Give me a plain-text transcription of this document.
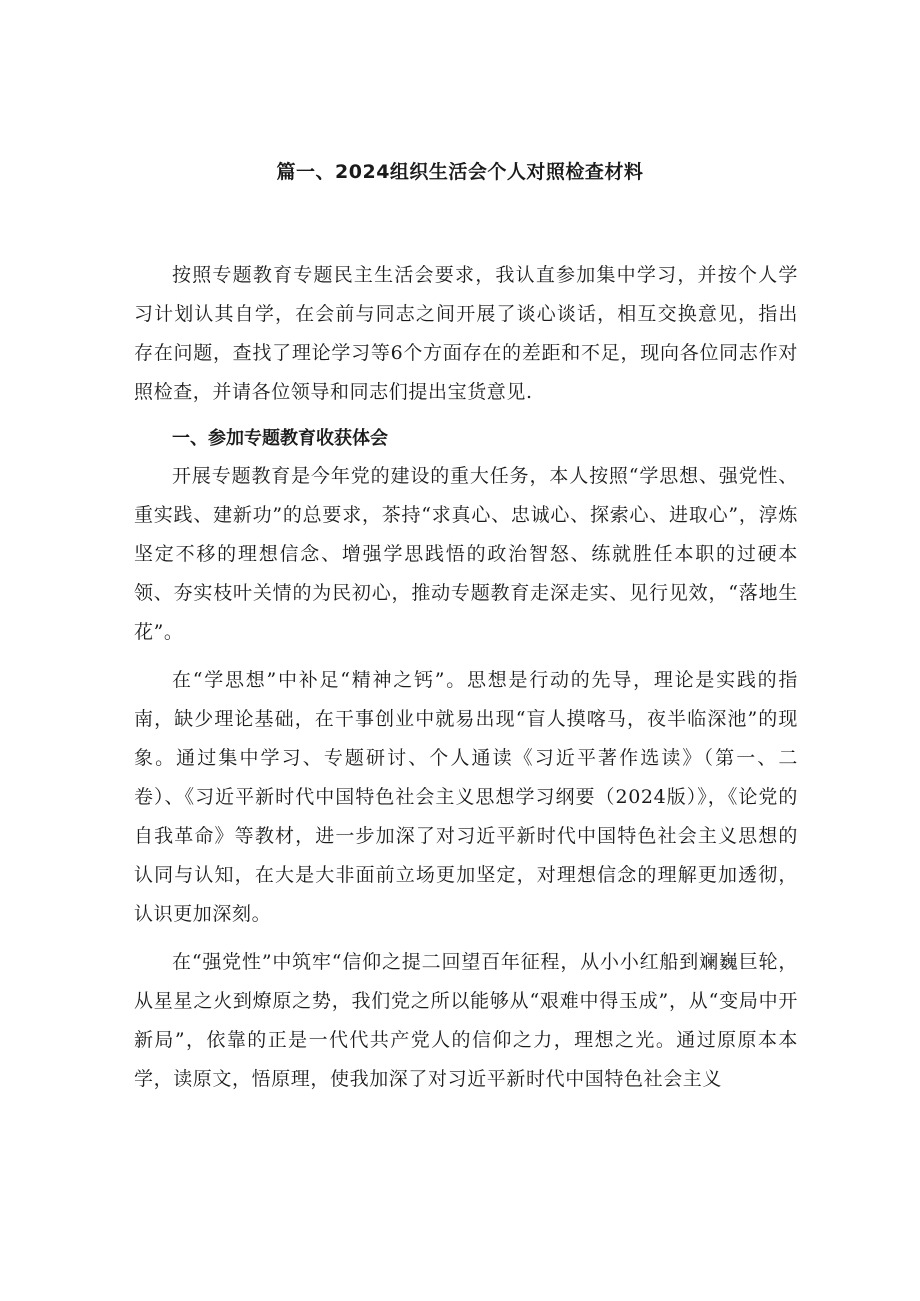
篇一、2024组织生活会个人对照检查材料

按照专题教育专题民主生活会要求，我认直参加集中学习，并按个人学习计划认其自学，在会前与同志之间开展了谈心谈话，相互交换意见，指出存在问题，查找了理论学习等6个方面存在的差距和不足，现向各位同志作对照检查，并请各位领导和同志们提出宝货意见.

一、参加专题教育收获体会

开展专题教育是今年党的建设的重大任务，本人按照“学思想、强党性、重实践、建新功”的总要求，茶持“求真心、忠诚心、探索心、进取心”，淳炼坚定不移的理想信念、增强学思践悟的政治智怒、练就胜任本职的过硬本领、夯实枝叶关情的为民初心，推动专题教育走深走实、见行见效，“落地生花”。

在“学思想”中补足“精神之钙”。思想是行动的先导，理论是实践的指南，缺少理论基础，在干事创业中就易出现“盲人摸喀马，夜半临深池”的现象。通过集中学习、专题研讨、个人通读《习近平著作选读》（第一、二卷）、《习近平新时代中国特色社会主义思想学习纲要（2024版）》，《论党的自我革命》等教材，进一步加深了对习近平新时代中国特色社会主义思想的认同与认知，在大是大非面前立场更加坚定，对理想信念的理解更加透彻，认识更加深刻。

在“强党性”中筑牢“信仰之提二回望百年征程，从小小红船到斓巍巨轮，从星星之火到燎原之势，我们党之所以能够从“艰难中得玉成”，从“变局中开新局”，依靠的正是一代代共产党人的信仰之力，理想之光。通过原原本本学，读原文，悟原理，使我加深了对习近平新时代中国特色社会主义
